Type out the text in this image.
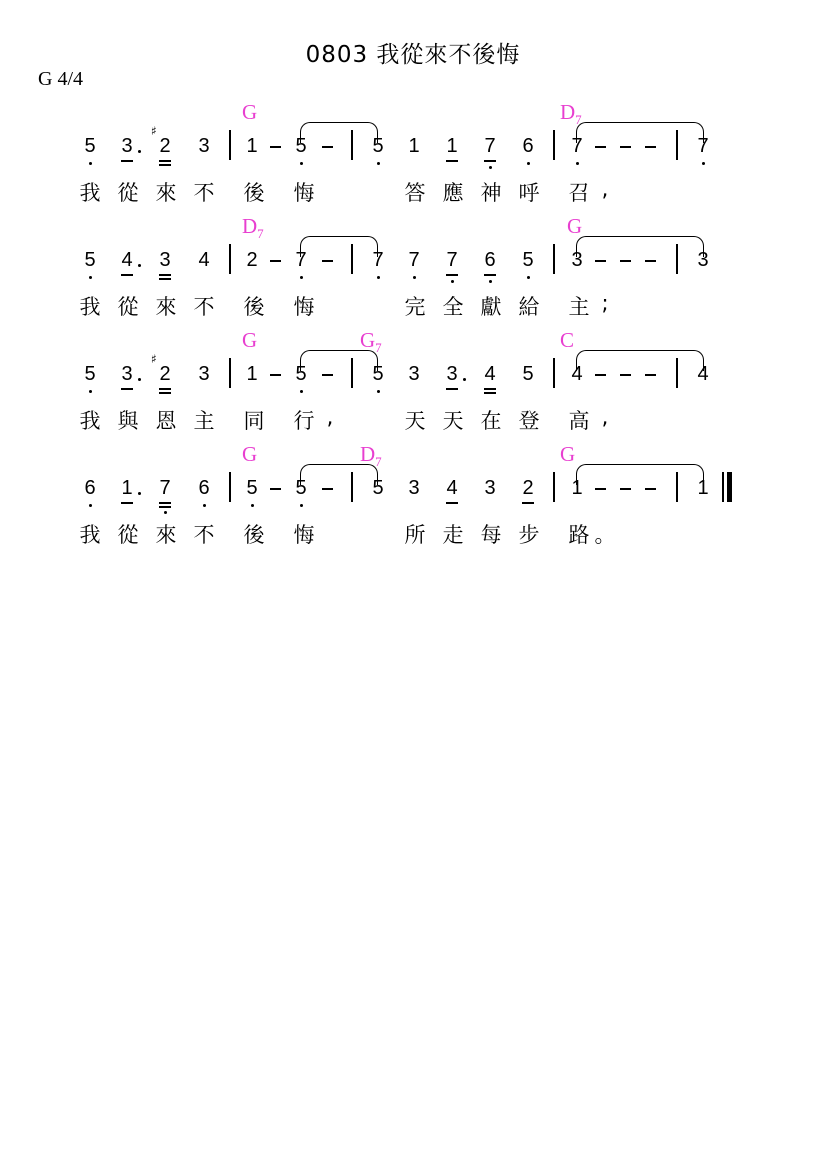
0803 我從來不後悔
G 4/4
G	$D_7$
5 3
♯
2 3 1 5	5 1 1 7 6 7	7
我 從 來 不 後 悔	答 應 神 呼 召 ,
$D_7$	G
5 4 3 4 2 7	7 7 7 6 5 3	3
我 從 來 不 後 悔	完 全 獻 給 主 ;
G	$G_7$	C
5 3
♯
2 3 1 5	5 3 3 4 5 4	4
我 與 恩 主 同 行 ,	天 天 在 登 高 ,
G	$D_7$	G
6 1 7 6 5 5	5 3 4 3 2 1	1
我 從 來 不 後 悔	所 走 每 步 路 。
